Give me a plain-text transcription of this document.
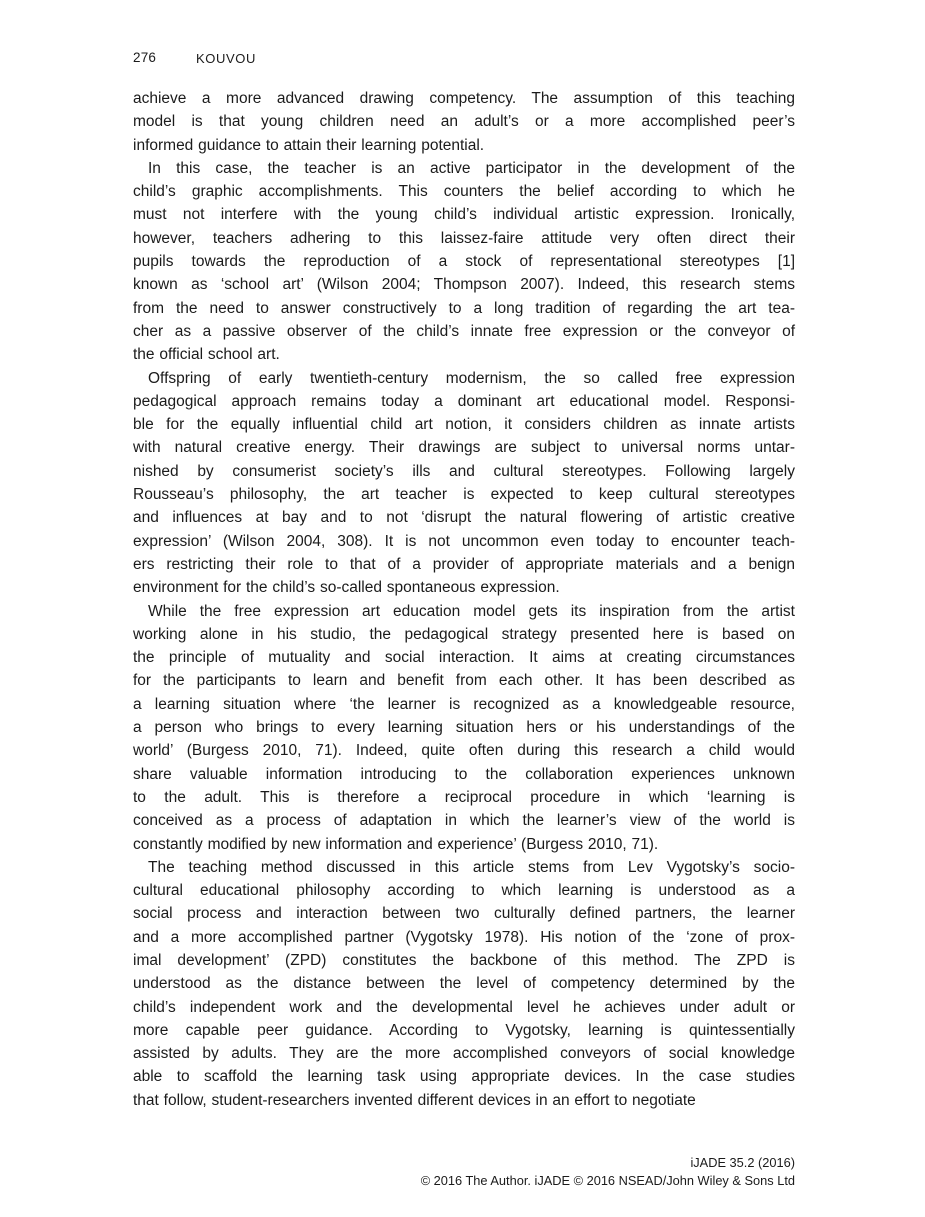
276	KOUVOU
achieve a more advanced drawing competency. The assumption of this teaching
model is that young children need an adult’s or a more accomplished peer’s
informed guidance to attain their learning potential.
In this case, the teacher is an active participator in the development of the
child’s graphic accomplishments. This counters the belief according to which he
must not interfere with the young child’s individual artistic expression. Ironically,
however, teachers adhering to this laissez-faire attitude very often direct their
pupils towards the reproduction of a stock of representational stereotypes [1]
known as ‘school art’ (Wilson 2004; Thompson 2007). Indeed, this research stems
from the need to answer constructively to a long tradition of regarding the art tea-
cher as a passive observer of the child’s innate free expression or the conveyor of
the official school art.
Offspring of early twentieth-century modernism, the so called free expression
pedagogical approach remains today a dominant art educational model. Responsi-
ble for the equally influential child art notion, it considers children as innate artists
with natural creative energy. Their drawings are subject to universal norms untar-
nished by consumerist society’s ills and cultural stereotypes. Following largely
Rousseau’s philosophy, the art teacher is expected to keep cultural stereotypes
and influences at bay and to not ‘disrupt the natural flowering of artistic creative
expression’ (Wilson 2004, 308). It is not uncommon even today to encounter teach-
ers restricting their role to that of a provider of appropriate materials and a benign
environment for the child’s so-called spontaneous expression.
While the free expression art education model gets its inspiration from the artist
working alone in his studio, the pedagogical strategy presented here is based on
the principle of mutuality and social interaction. It aims at creating circumstances
for the participants to learn and benefit from each other. It has been described as
a learning situation where ‘the learner is recognized as a knowledgeable resource,
a person who brings to every learning situation hers or his understandings of the
world’ (Burgess 2010, 71). Indeed, quite often during this research a child would
share valuable information introducing to the collaboration experiences unknown
to the adult. This is therefore a reciprocal procedure in which ‘learning is
conceived as a process of adaptation in which the learner’s view of the world is
constantly modified by new information and experience’ (Burgess 2010, 71).
The teaching method discussed in this article stems from Lev Vygotsky’s socio-
cultural educational philosophy according to which learning is understood as a
social process and interaction between two culturally defined partners, the learner
and a more accomplished partner (Vygotsky 1978). His notion of the ‘zone of prox-
imal development’ (ZPD) constitutes the backbone of this method. The ZPD is
understood as the distance between the level of competency determined by the
child’s independent work and the developmental level he achieves under adult or
more capable peer guidance. According to Vygotsky, learning is quintessentially
assisted by adults. They are the more accomplished conveyors of social knowledge
able to scaffold the learning task using appropriate devices. In the case studies
that follow, student-researchers invented different devices in an effort to negotiate
iJADE 35.2 (2016)
© 2016 The Author. iJADE © 2016 NSEAD/John Wiley & Sons Ltd
